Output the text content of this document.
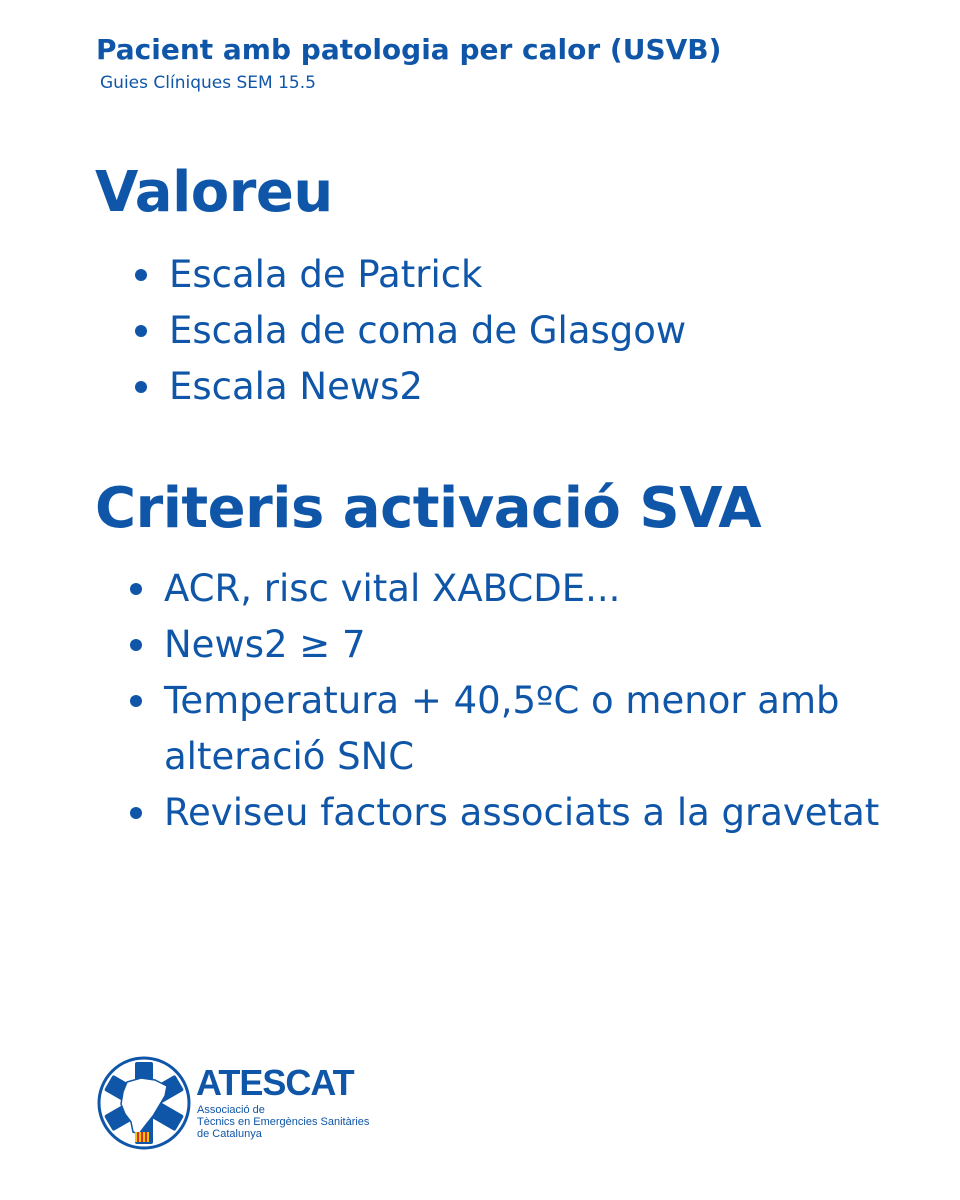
Pacient amb patologia per calor (USVB)
Guies Clíniques SEM 15.5
Valoreu
Escala de Patrick
Escala de coma de Glasgow
Escala News2
Criteris activació SVA
ACR, risc vital XABCDE...
News2 ≥ 7
Temperatura + 40,5ºC o menor amb alteració SNC
Reviseu factors associats a la gravetat
ATESCAT
Associació de
Tècnics en Emergències Sanitàries
de Catalunya
